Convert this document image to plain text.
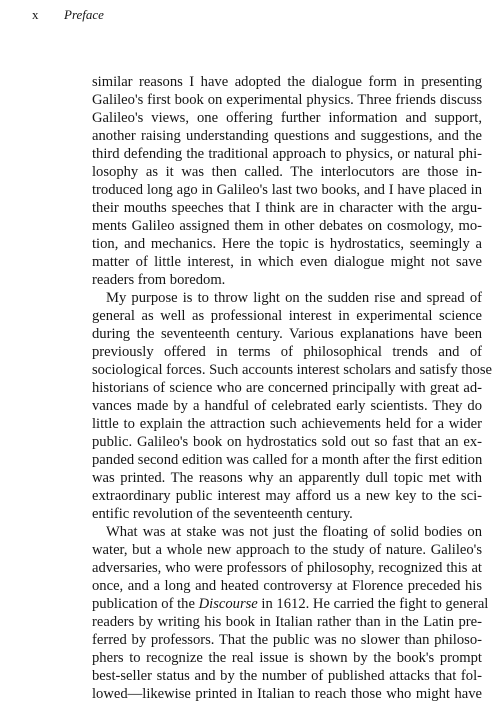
x Preface
similar reasons I have adopted the dialogue form in presenting
Galileo's first book on experimental physics. Three friends discuss
Galileo's views, one offering further information and support,
another raising understanding questions and suggestions, and the
third defending the traditional approach to physics, or natural phi-
losophy as it was then called. The interlocutors are those in-
troduced long ago in Galileo's last two books, and I have placed in
their mouths speeches that I think are in character with the argu-
ments Galileo assigned them in other debates on cosmology, mo-
tion, and mechanics. Here the topic is hydrostatics, seemingly a
matter of little interest, in which even dialogue might not save
readers from boredom.
My purpose is to throw light on the sudden rise and spread of
general as well as professional interest in experimental science
during the seventeenth century. Various explanations have been
previously offered in terms of philosophical trends and of
sociological forces. Such accounts interest scholars and satisfy those
historians of science who are concerned principally with great ad-
vances made by a handful of celebrated early scientists. They do
little to explain the attraction such achievements held for a wider
public. Galileo's book on hydrostatics sold out so fast that an ex-
panded second edition was called for a month after the first edition
was printed. The reasons why an apparently dull topic met with
extraordinary public interest may afford us a new key to the sci-
entific revolution of the seventeenth century.
What was at stake was not just the floating of solid bodies on
water, but a whole new approach to the study of nature. Galileo's
adversaries, who were professors of philosophy, recognized this at
once, and a long and heated controversy at Florence preceded his
publication of the Discourse in 1612. He carried the fight to general
readers by writing his book in Italian rather than in the Latin pre-
ferred by professors. That the public was no slower than philoso-
phers to recognize the real issue is shown by the book's prompt
best-seller status and by the number of published attacks that fol-
lowed—likewise printed in Italian to reach those who might have
